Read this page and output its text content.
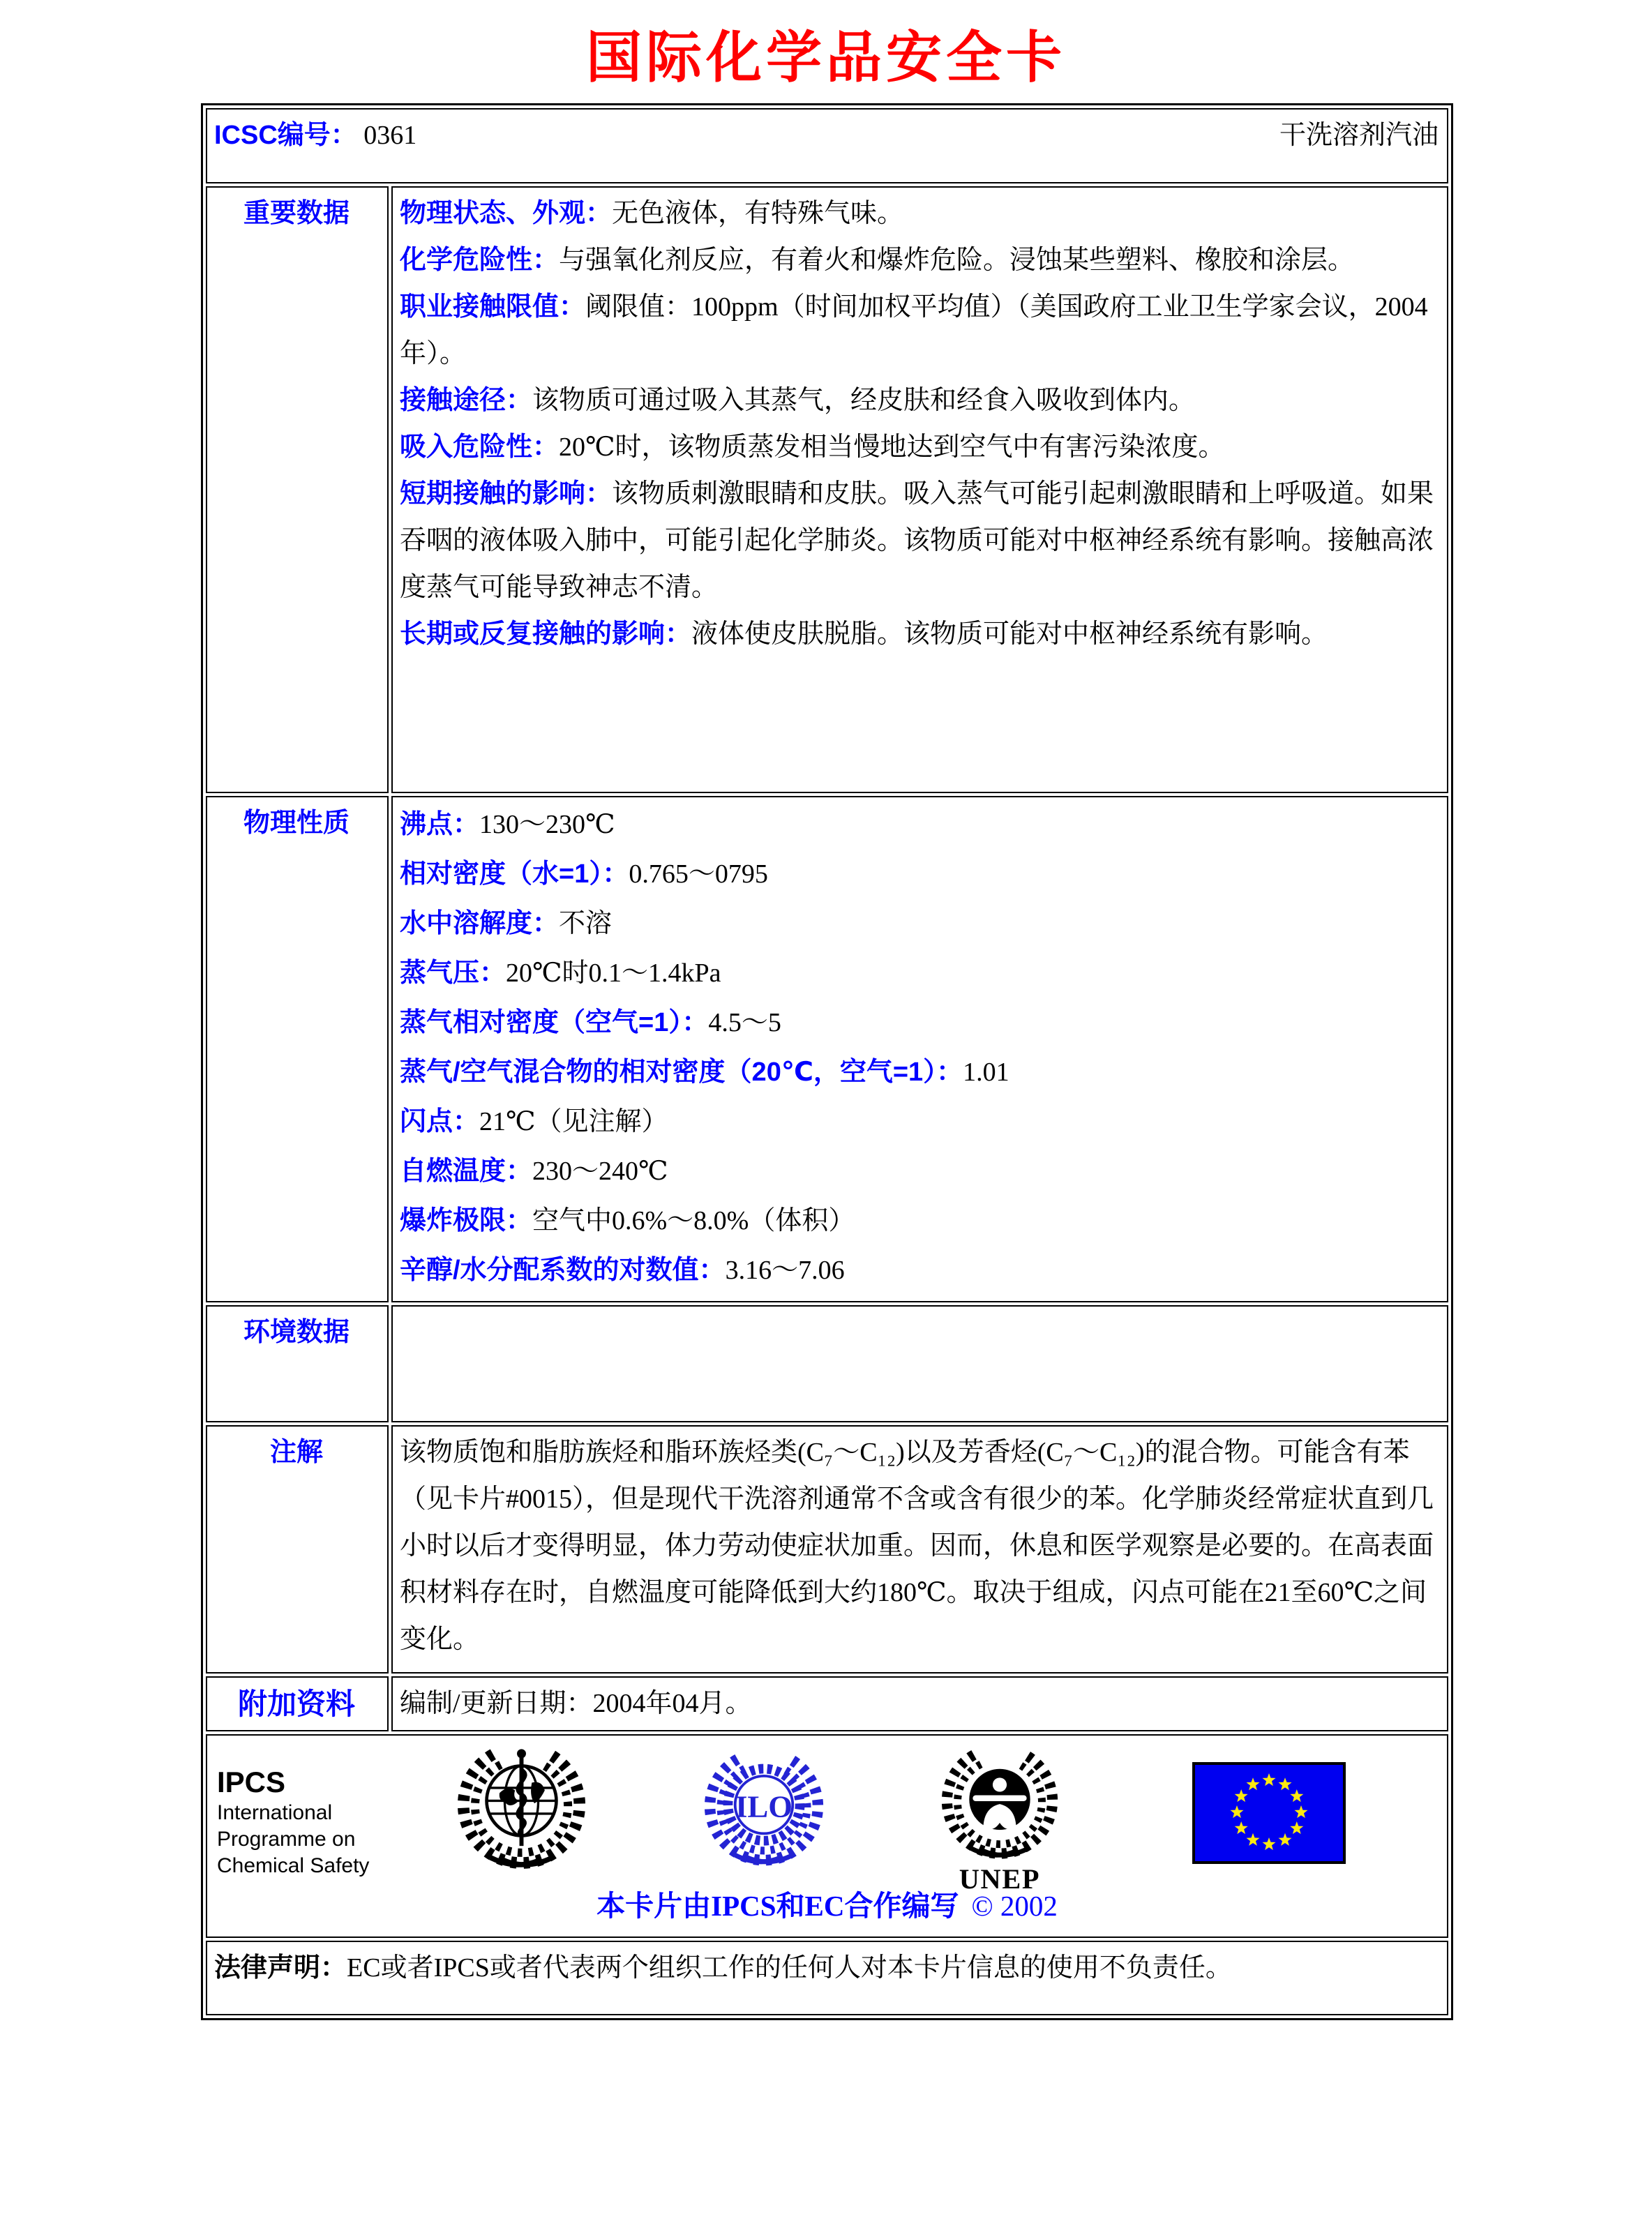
国际化学品安全卡
ICSC编号： 0361 干洗溶剂汽油	

重要数据	物理状态、外观：无色液体，有特殊气味。

化学危险性：与强氧化剂反应，有着火和爆炸危险。浸蚀某些塑料、橡胶和涂层。

职业接触限值：阈限值：100ppm（时间加权平均值）（美国政府工业卫生学家会议，2004年）。

接触途径：该物质可通过吸入其蒸气，经皮肤和经食入吸收到体内。

吸入危险性：20℃时，该物质蒸发相当慢地达到空气中有害污染浓度。

短期接触的影响：该物质刺激眼睛和皮肤。吸入蒸气可能引起刺激眼睛和上呼吸道。如果吞咽的液体吸入肺中，可能引起化学肺炎。该物质可能对中枢神经系统有影响。接触高浓度蒸气可能导致神志不清。

长期或反复接触的影响：液体使皮肤脱脂。该物质可能对中枢神经系统有影响。

物理性质	沸点：130～230℃

相对密度（水=1）：0.765～0795

水中溶解度：不溶

蒸气压：20℃时0.1～1.4kPa

蒸气相对密度（空气=1）：4.5～5

蒸气/空气混合物的相对密度（20℃，空气=1）：1.01

闪点：21℃（见注解）

自燃温度：230～240℃

爆炸极限：空气中0.6%～8.0%（体积）

辛醇/水分配系数的对数值：3.16～7.06

环境数据	
注解	该物质饱和脂肪族烃和脂环族烃类(C₇～C₁₂)以及芳香烃(C₇～C₁₂)的混合物。可能含有苯（见卡片#0015），但是现代干洗溶剂通常不含或含有很少的苯。化学肺炎经常症状直到几小时以后才变得明显，体力劳动使症状加重。因而，休息和医学观察是必要的。在高表面积材料存在时，自燃温度可能降低到大约180℃。取决于组成，闪点可能在21至60℃之间变化。
附加资料	编制/更新日期：2004年04月。

IPCS
International
Programme on
Chemical Safety
ILO
UNEP
本卡片由IPCS和EC合作编写 © 2002

法律声明：EC或者IPCS或者代表两个组织工作的任何人对本卡片信息的使用不负责任。	
